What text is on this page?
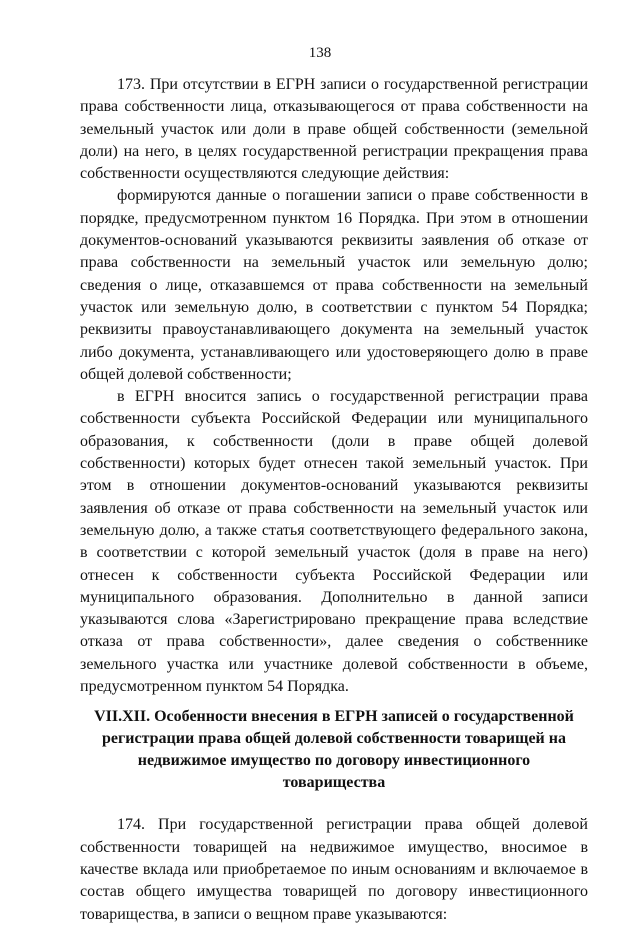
138

173. При отсутствии в ЕГРН записи о государственной регистрации права собственности лица, отказывающегося от права собственности на земельный участок или доли в праве общей собственности (земельной доли) на него, в целях государственной регистрации прекращения права собственности осуществляются следующие действия:

формируются данные о погашении записи о праве собственности в порядке, предусмотренном пунктом 16 Порядка. При этом в отношении документов-оснований указываются реквизиты заявления об отказе от права собственности на земельный участок или земельную долю; сведения о лице, отказавшемся от права собственности на земельный участок или земельную долю, в соответствии с пунктом 54 Порядка; реквизиты правоустанавливающего документа на земельный участок либо документа, устанавливающего или удостоверяющего долю в праве общей долевой собственности;

в ЕГРН вносится запись о государственной регистрации права собственности субъекта Российской Федерации или муниципального образования, к собственности (доли в праве общей долевой собственности) которых будет отнесен такой земельный участок. При этом в отношении документов-оснований указываются реквизиты заявления об отказе от права собственности на земельный участок или земельную долю, а также статья соответствующего федерального закона, в соответствии с которой земельный участок (доля в праве на него) отнесен к собственности субъекта Российской Федерации или муниципального образования. Дополнительно в данной записи указываются слова «Зарегистрировано прекращение права вследствие отказа от права собственности», далее сведения о собственнике земельного участка или участнике долевой собственности в объеме, предусмотренном пунктом 54 Порядка.

VII.XII. Особенности внесения в ЕГРН записей о государственной регистрации права общей долевой собственности товарищей на недвижимое имущество по договору инвестиционного товарищества

174. При государственной регистрации права общей долевой собственности товарищей на недвижимое имущество, вносимое в качестве вклада или приобретаемое по иным основаниям и включаемое в состав общего имущества товарищей по договору инвестиционного товарищества, в записи о вещном праве указываются:
